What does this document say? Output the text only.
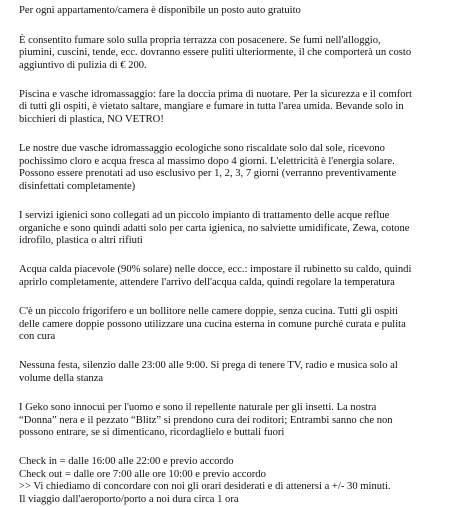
Per ogni appartamento/camera è disponibile un posto auto gratuito

È consentito fumare solo sulla propria terrazza con posacenere. Se fumi nell'alloggio,
piumini, cuscini, tende, ecc. dovranno essere puliti ulteriormente, il che comporterà un costo
aggiuntivo di pulizia di € 200.

Piscina e vasche idromassaggio: fare la doccia prima di nuotare. Per la sicurezza e il comfort
di tutti gli ospiti, è vietato saltare, mangiare e fumare in tutta l'area umida. Bevande solo in
bicchieri di plastica, NO VETRO!

Le nostre due vasche idromassaggio ecologiche sono riscaldate solo dal sole, ricevono
pochissimo cloro e acqua fresca al massimo dopo 4 giorni. L'elettricità è l'energia solare.
Possono essere prenotati ad uso esclusivo per 1, 2, 3, 7 giorni (verranno preventivamente
disinfettati completamente)

I servizi igienici sono collegati ad un piccolo impianto di trattamento delle acque reflue
organiche e sono quindi adatti solo per carta igienica, no salviette umidificate, Zewa, cotone
idrofilo, plastica o altri rifiuti

Acqua calda piacevole (90% solare) nelle docce, ecc.: impostare il rubinetto su caldo, quindi
aprirlo completamente, attendere l'arrivo dell'acqua calda, quindi regolare la temperatura

C'è un piccolo frigorifero e un bollitore nelle camere doppie, senza cucina. Tutti gli ospiti
delle camere doppie possono utilizzare una cucina esterna in comune purché curata e pulita
con cura

Nessuna festa, silenzio dalle 23:00 alle 9:00. Si prega di tenere TV, radio e musica solo al
volume della stanza

I Geko sono innocui per l'uomo e sono il repellente naturale per gli insetti. La nostra
“Donna” nera e il pezzato “Blitz” si prendono cura dei roditori; Entrambi sanno che non
possono entrare, se si dimenticano, ricordaglielo e buttali fuori

Check in = dalle 16:00 alle 22:00 e previo accordo
Check out = dalle ore 7:00 alle ore 10:00 e previo accordo
>> Vi chiediamo di concordare con noi gli orari desiderati e di attenersi a +/- 30 minuti.
Il viaggio dall'aeroporto/porto a noi dura circa 1 ora
